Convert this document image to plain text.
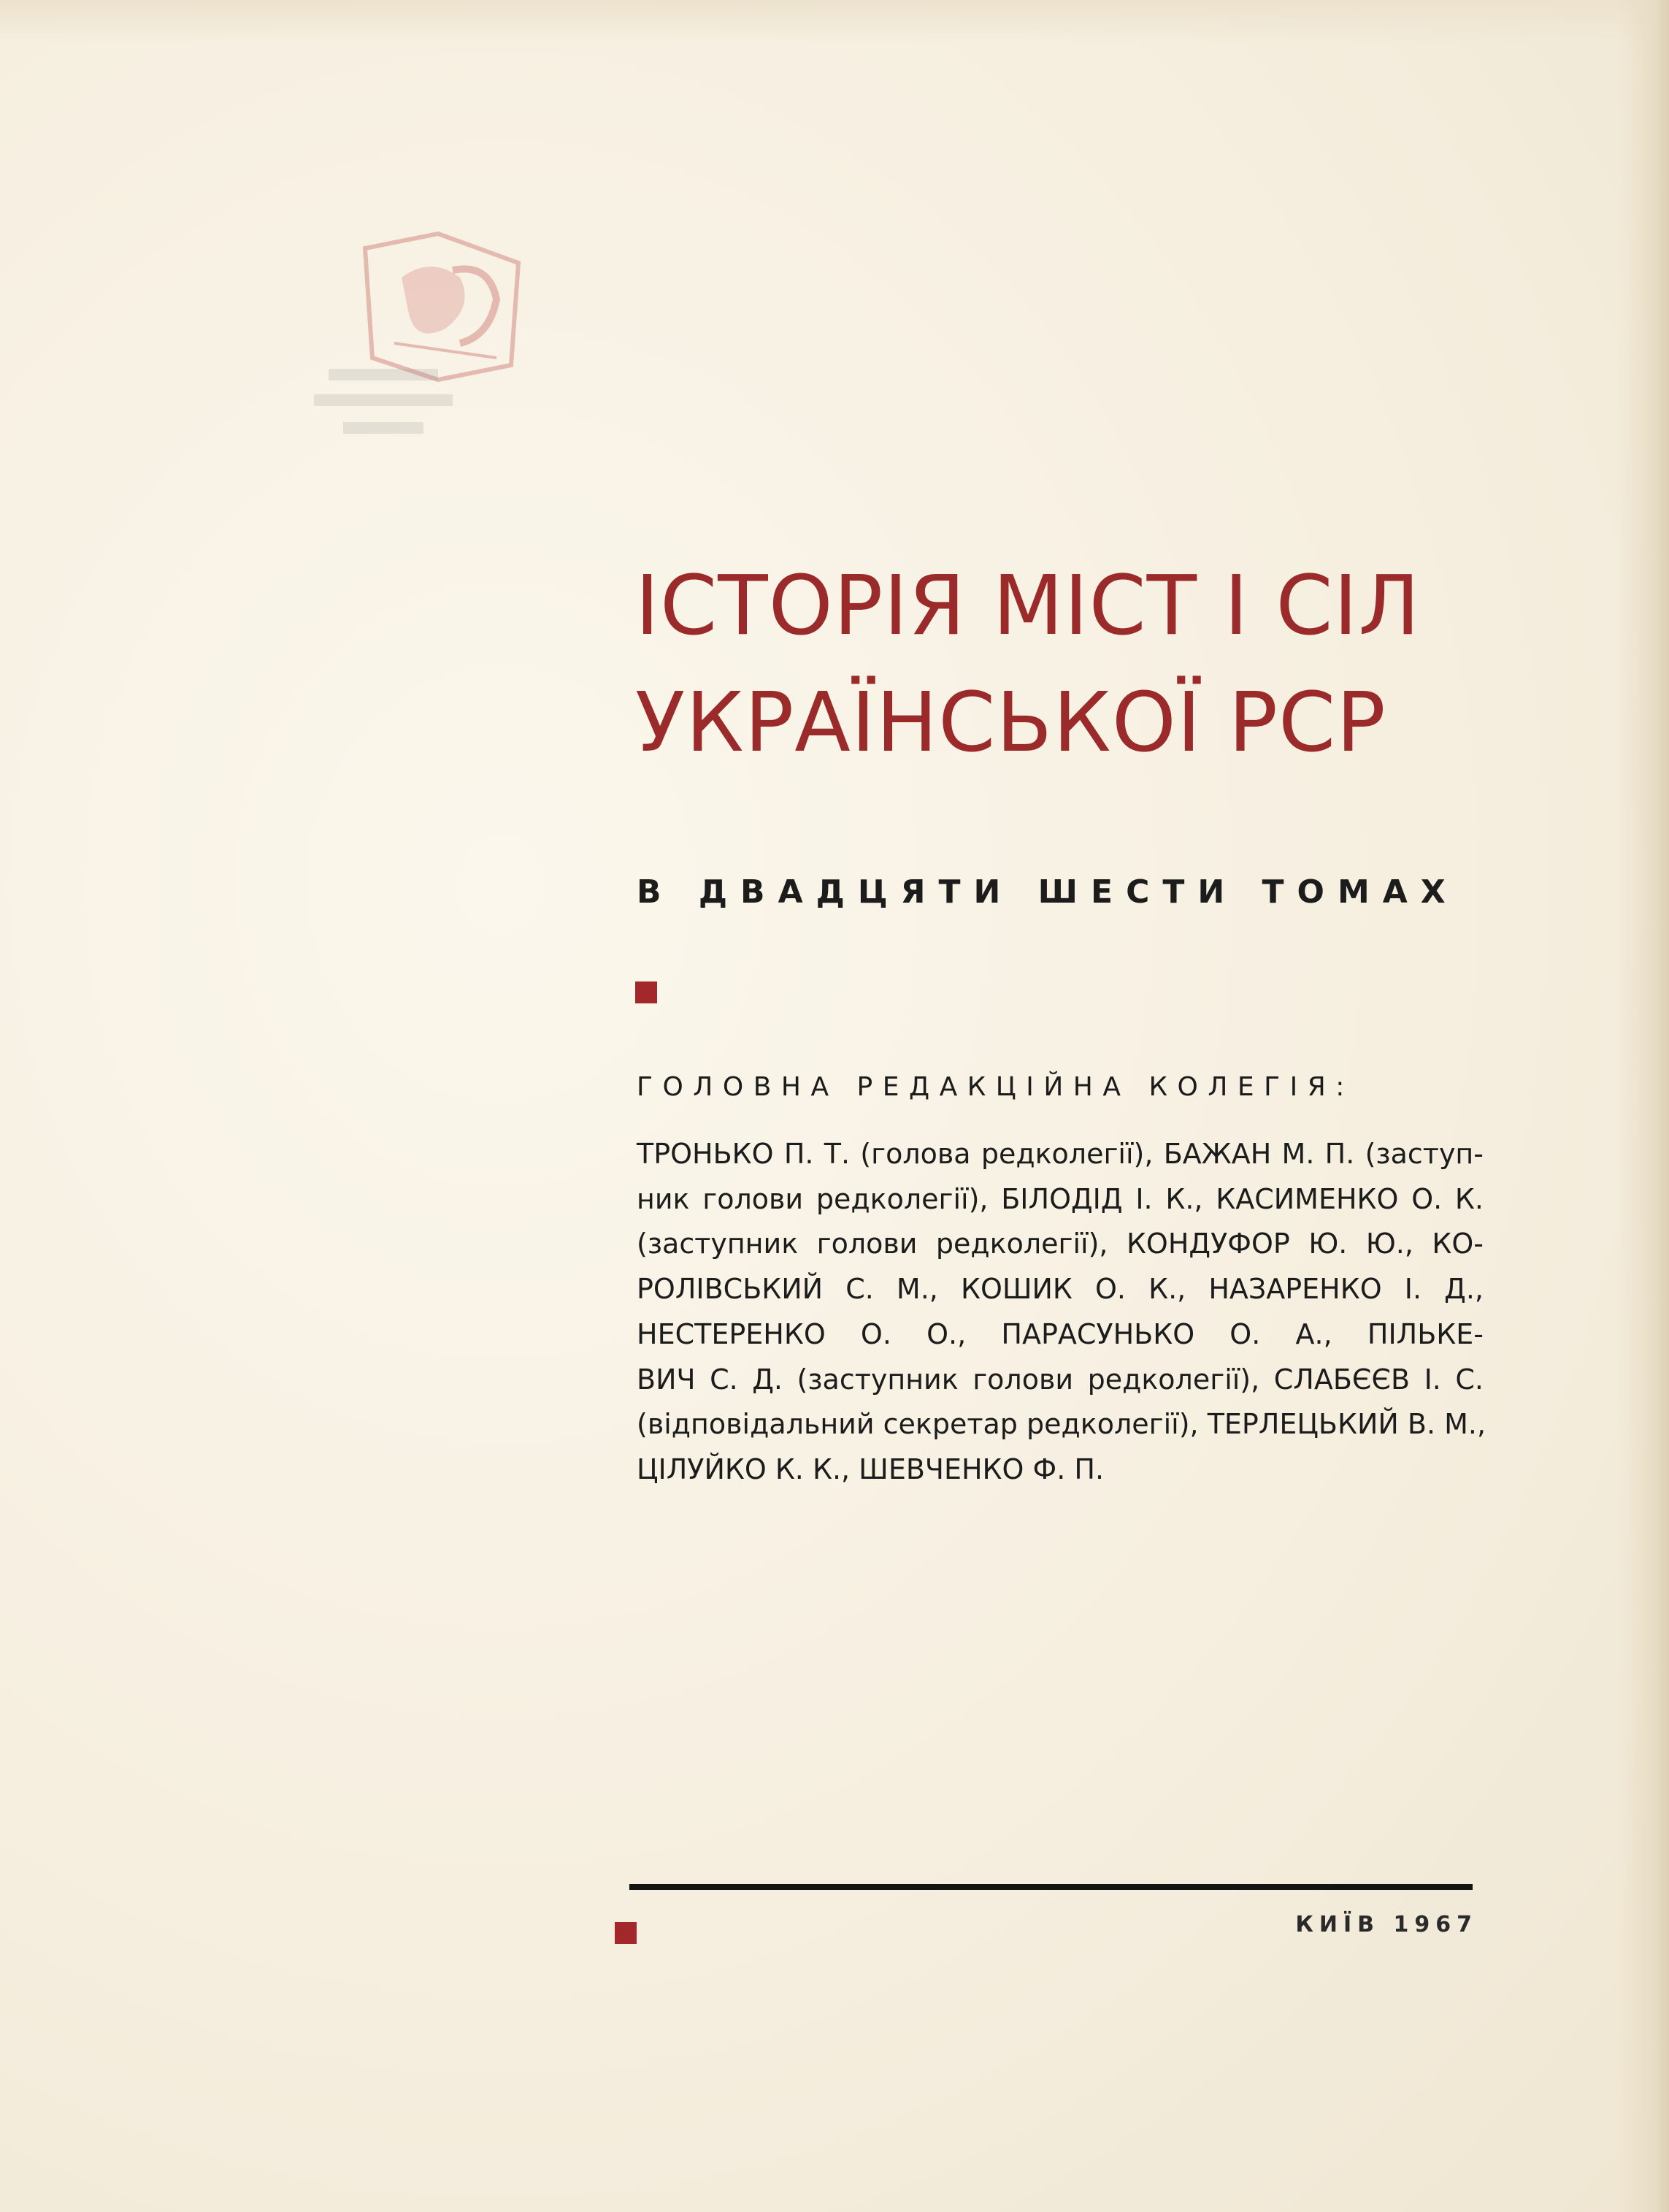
ІСТОРІЯ МІСТ І СІЛ
УКРАЇНСЬКОЇ РСР
В ДВАДЦЯТИ ШЕСТИ ТОМАХ
ГОЛОВНА РЕДАКЦІЙНА КОЛЕГІЯ:

ТРОНЬКО П. Т. (голова редколегії), БАЖАН М. П. (заступ-
ник голови редколегії), БІЛОДІД І. К., КАСИМЕНКО О. К.
(заступник голови редколегії), КОНДУФОР Ю. Ю., КО-
РОЛІВСЬКИЙ С. М., КОШИК О. К., НАЗАРЕНКО І. Д.,
НЕСТЕРЕНКО О. О., ПАРАСУНЬКО О. А., ПІЛЬКЕ-
ВИЧ С. Д. (заступник голови редколегії), СЛАБЄЄВ І. С.
(відповідальний секретар редколегії), ТЕРЛЕЦЬКИЙ В. М.,
ЦІЛУЙКО К. К., ШЕВЧЕНКО Ф. П.

КИЇВ 1967
